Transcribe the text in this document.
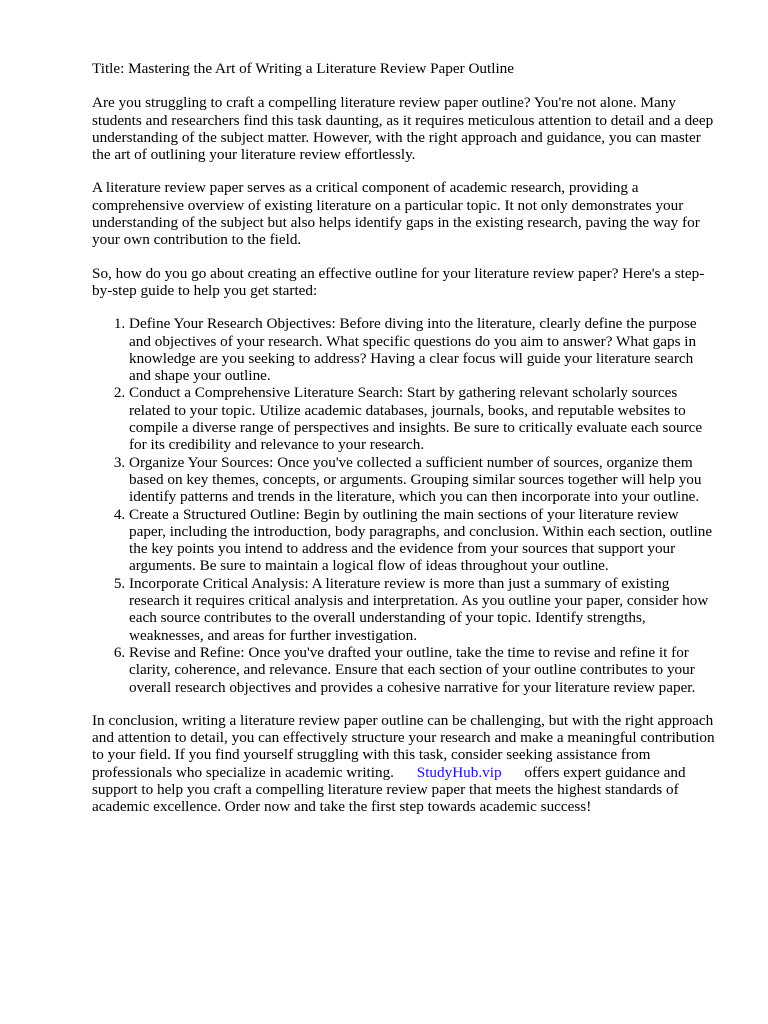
Title: Mastering the Art of Writing a Literature Review Paper Outline

Are you struggling to craft a compelling literature review paper outline? You're not alone. Many students and researchers find this task daunting, as it requires meticulous attention to detail and a deep understanding of the subject matter. However, with the right approach and guidance, you can master the art of outlining your literature review effortlessly.

A literature review paper serves as a critical component of academic research, providing a comprehensive overview of existing literature on a particular topic. It not only demonstrates your understanding of the subject but also helps identify gaps in the existing research, paving the way for your own contribution to the field.

So, how do you go about creating an effective outline for your literature review paper? Here's a step-by-step guide to help you get started:

1. Define Your Research Objectives: Before diving into the literature, clearly define the purpose and objectives of your research. What specific questions do you aim to answer? What gaps in knowledge are you seeking to address? Having a clear focus will guide your literature search and shape your outline.
2. Conduct a Comprehensive Literature Search: Start by gathering relevant scholarly sources related to your topic. Utilize academic databases, journals, books, and reputable websites to compile a diverse range of perspectives and insights. Be sure to critically evaluate each source for its credibility and relevance to your research.
3. Organize Your Sources: Once you've collected a sufficient number of sources, organize them based on key themes, concepts, or arguments. Grouping similar sources together will help you identify patterns and trends in the literature, which you can then incorporate into your outline.
4. Create a Structured Outline: Begin by outlining the main sections of your literature review paper, including the introduction, body paragraphs, and conclusion. Within each section, outline the key points you intend to address and the evidence from your sources that support your arguments. Be sure to maintain a logical flow of ideas throughout your outline.
5. Incorporate Critical Analysis: A literature review is more than just a summary of existing research it requires critical analysis and interpretation. As you outline your paper, consider how each source contributes to the overall understanding of your topic. Identify strengths, weaknesses, and areas for further investigation.
6. Revise and Refine: Once you've drafted your outline, take the time to revise and refine it for clarity, coherence, and relevance. Ensure that each section of your outline contributes to your overall research objectives and provides a cohesive narrative for your literature review paper.

In conclusion, writing a literature review paper outline can be challenging, but with the right approach and attention to detail, you can effectively structure your research and make a meaningful contribution to your field. If you find yourself struggling with this task, consider seeking assistance from professionals who specialize in academic writing. StudyHub.vip offers expert guidance and support to help you craft a compelling literature review paper that meets the highest standards of academic excellence. Order now and take the first step towards academic success!
